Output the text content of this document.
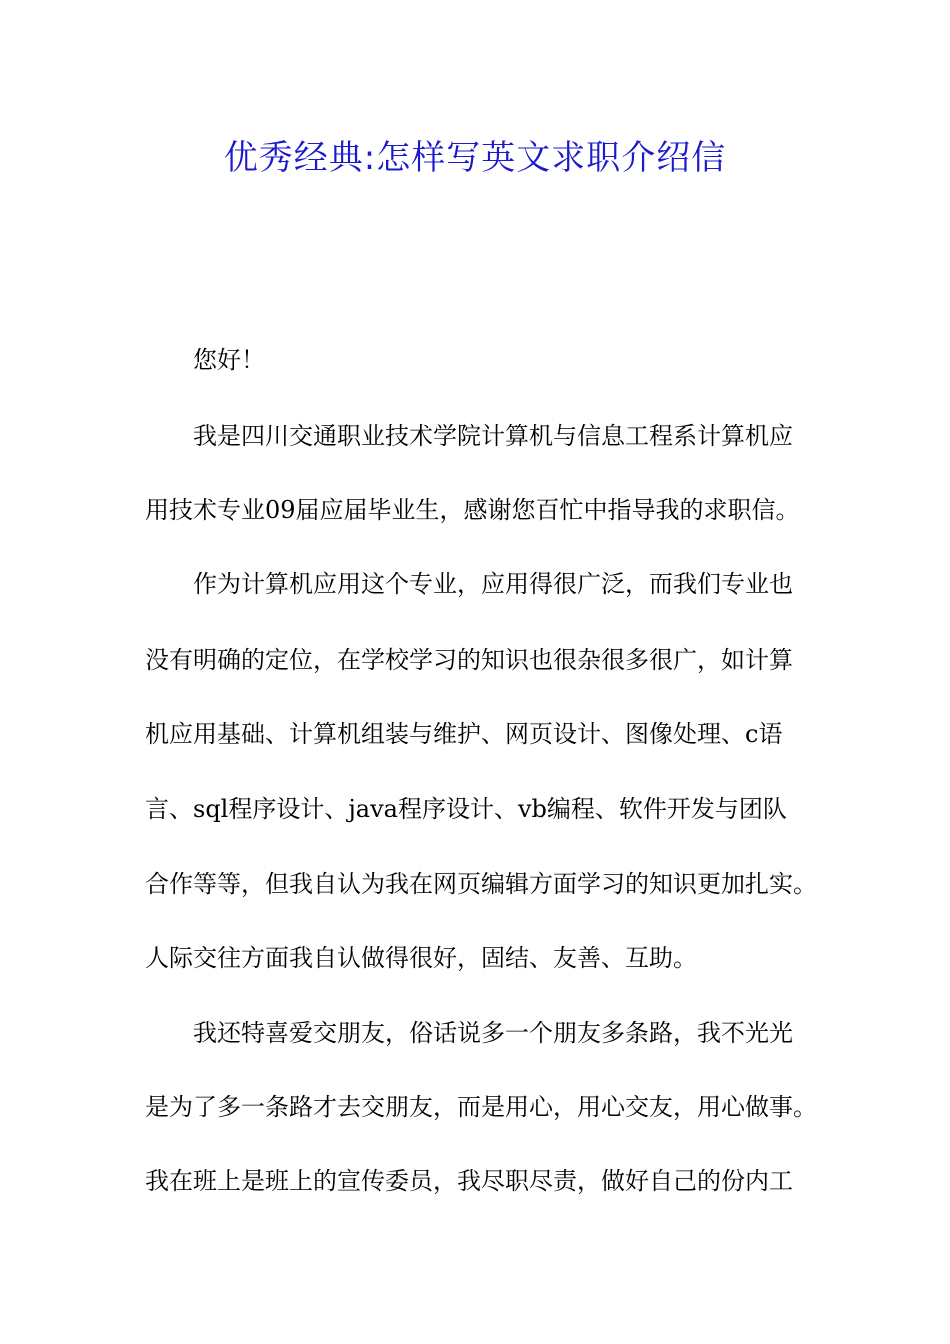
优秀经典:怎样写英文求职介绍信
您好！
我是四川交通职业技术学院计算机与信息工程系计算机应
用技术专业09届应届毕业生，感谢您百忙中指导我的求职信。
作为计算机应用这个专业，应用得很广泛，而我们专业也
没有明确的定位，在学校学习的知识也很杂很多很广，如计算
机应用基础、计算机组装与维护、网页设计、图像处理、c语
言、sql程序设计、java程序设计、vb编程、软件开发与团队
合作等等，但我自认为我在网页编辑方面学习的知识更加扎实。
人际交往方面我自认做得很好，固结、友善、互助。
我还特喜爱交朋友，俗话说多一个朋友多条路，我不光光
是为了多一条路才去交朋友，而是用心，用心交友，用心做事。
我在班上是班上的宣传委员，我尽职尽责，做好自己的份内工
